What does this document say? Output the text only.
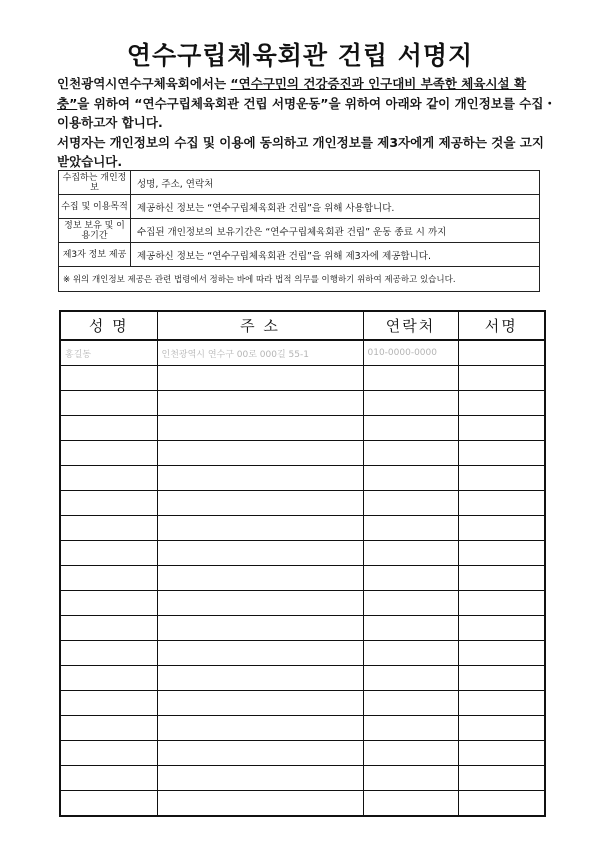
연수구립체육회관 건립 서명지

인천광역시연수구체육회에서는 “연수구민의 건강증진과 인구대비 부족한 체육시설 확충”을 위하여 “연수구립체육회관 건립 서명운동”을 위하여 아래와 같이 개인정보를 수집・이용하고자 합니다.

서명자는 개인정보의 수집 및 이용에 동의하고 개인정보를 제3자에게 제공하는 것을 고지 받았습니다.

수집하는 개인정보	성명, 주소, 연락처
수집 및 이용목적	제공하신 정보는 “연수구립체육회관 건립”을 위해 사용합니다.
정보 보유 및 이용기간	수집된 개인정보의 보유기간은 “연수구립체육회관 건립” 운동 종료 시 까지
제3자 정보 제공	제공하신 정보는 “연수구립체육회관 건립”을 위해 제3자에 제공합니다.
※ 위의 개인정보 제공은 관련 법령에서 정하는 바에 따라 법적 의무를 이행하기 위하여 제공하고 있습니다.	
성 명	주 소	연락처	서명
홍길동	인천광역시 연수구 00로 000길 55-1	010-0000-0000	
